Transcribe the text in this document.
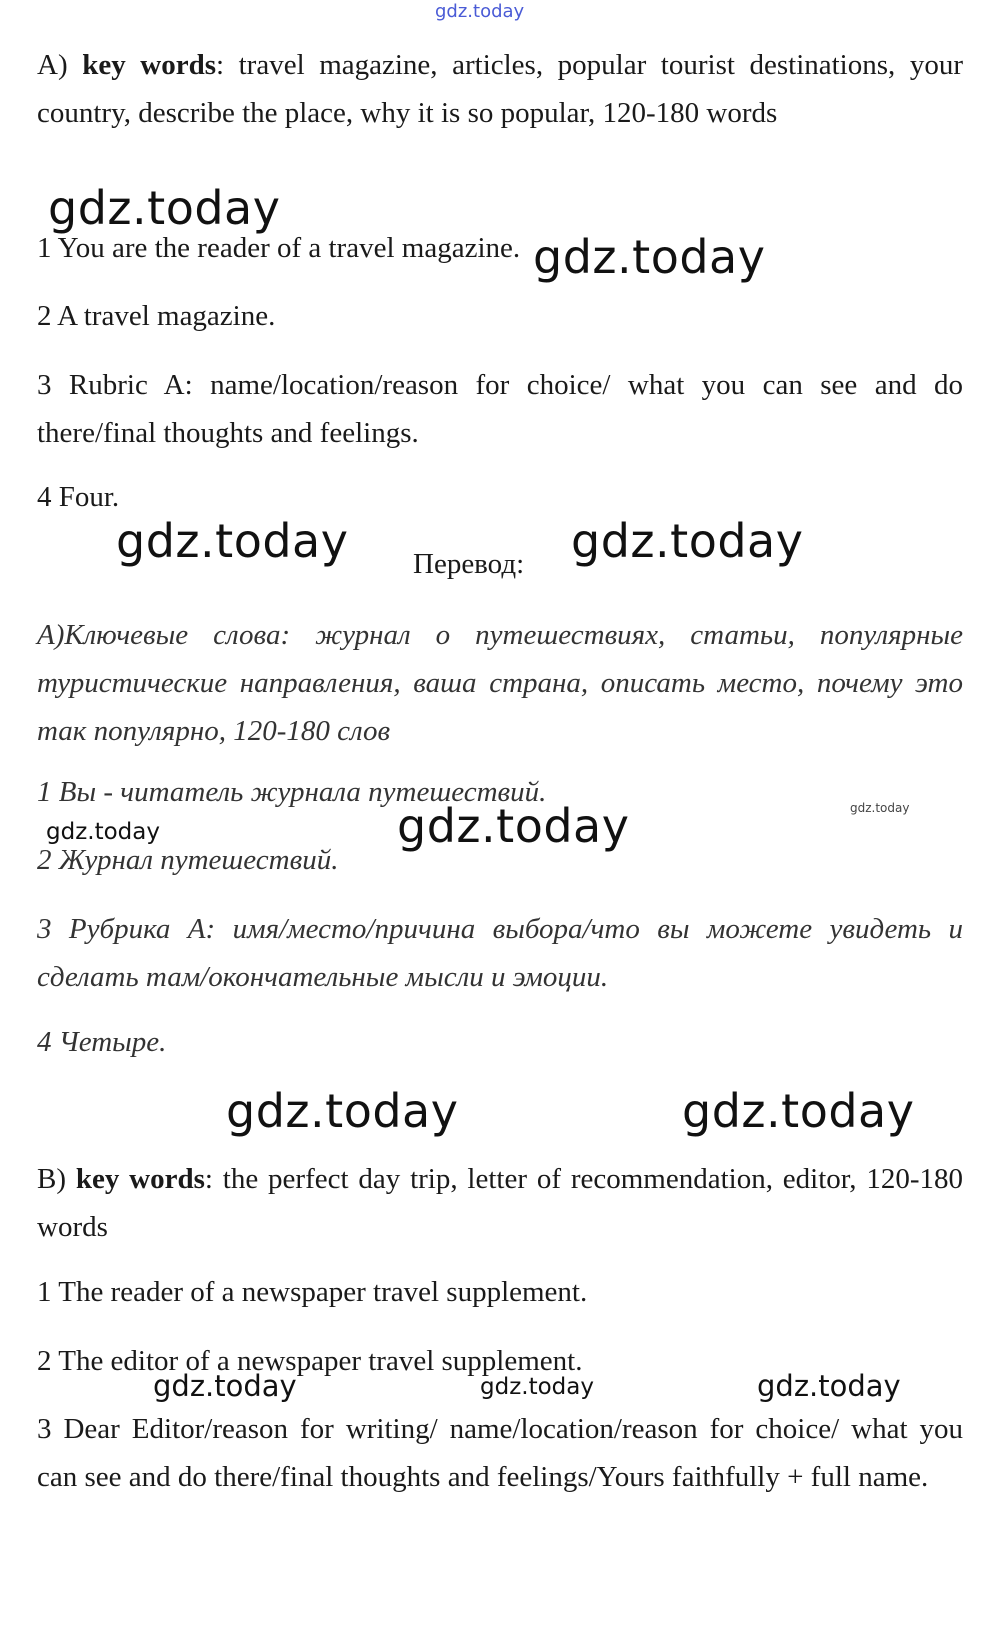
gdz.today
gdz.today
gdz.today
gdz.today	gdz.today
gdz.today
gdz.today	gdz.today
gdz.today	gdz.today
gdz.today	gdz.today	gdz.today

A) key words: travel magazine, articles, popular tourist destinations, your country, describe the place, why it is so popular, 120-180 words

1 You are the reader of a travel magazine.

2 A travel magazine.

3 Rubric A: name/location/reason for choice/ what you can see and do there/final thoughts and feelings.

4 Four.

Перевод:

А)Ключевые слова: журнал о путешествиях, статьи, популярные туристические направления, ваша страна, описать место, почему это так популярно, 120-180 слов

1 Вы - читатель журнала путешествий.

2 Журнал путешествий.

3 Рубрика А: имя/место/причина выбора/что вы можете увидеть и сделать там/окончательные мысли и эмоции.

4 Четыре.

B) key words: the perfect day trip, letter of recommendation, editor, 120-180 words

1 The reader of a newspaper travel supplement.

2 The editor of a newspaper travel supplement.

3 Dear Editor/reason for writing/ name/location/reason for choice/ what you can see and do there/final thoughts and feelings/Yours faithfully + full name.
